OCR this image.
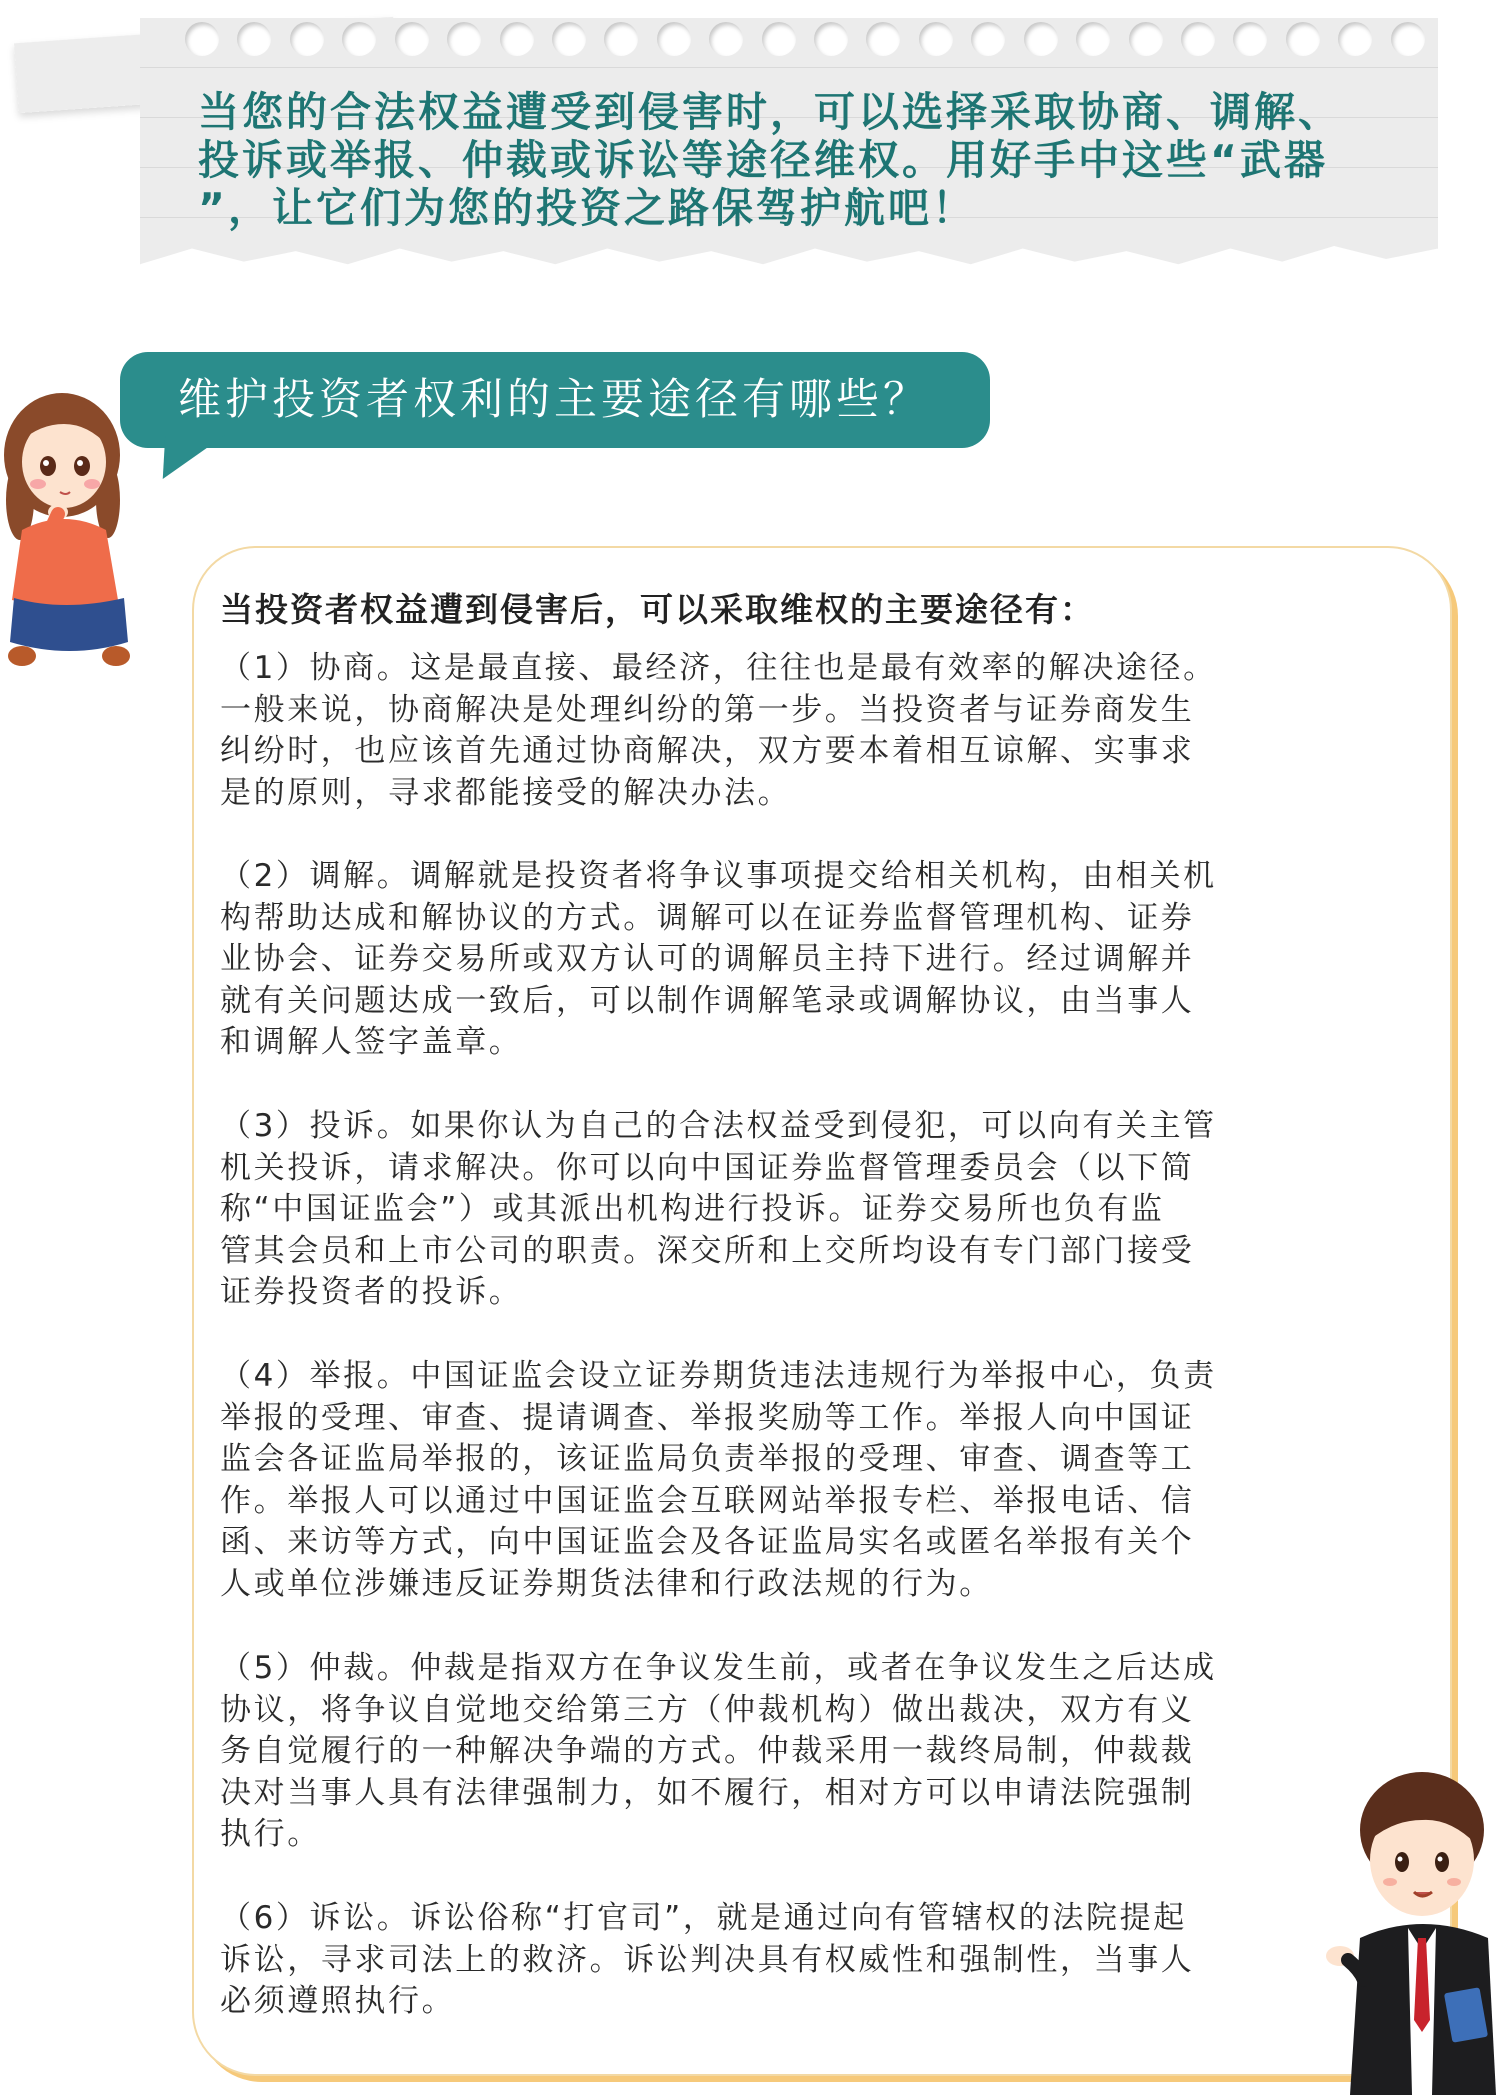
当您的合法权益遭受到侵害时，可以选择采取协商、调解、
投诉或举报、仲裁或诉讼等途径维权。用好手中这些“武器
”，让它们为您的投资之路保驾护航吧！
维护投资者权利的主要途径有哪些？
当投资者权益遭到侵害后，可以采取维权的主要途径有：
（1）协商。这是最直接、最经济，往往也是最有效率的解决途径。
一般来说，协商解决是处理纠纷的第一步。当投资者与证券商发生
纠纷时，也应该首先通过协商解决，双方要本着相互谅解、实事求
是的原则，寻求都能接受的解决办法。
（2）调解。调解就是投资者将争议事项提交给相关机构，由相关机
构帮助达成和解协议的方式。调解可以在证券监督管理机构、证券
业协会、证券交易所或双方认可的调解员主持下进行。经过调解并
就有关问题达成一致后，可以制作调解笔录或调解协议，由当事人
和调解人签字盖章。
（3）投诉。如果你认为自己的合法权益受到侵犯，可以向有关主管
机关投诉，请求解决。你可以向中国证券监督管理委员会（以下简
称“中国证监会”）或其派出机构进行投诉。证券交易所也负有监
管其会员和上市公司的职责。深交所和上交所均设有专门部门接受
证券投资者的投诉。
（4）举报。中国证监会设立证券期货违法违规行为举报中心，负责
举报的受理、审查、提请调查、举报奖励等工作。举报人向中国证
监会各证监局举报的，该证监局负责举报的受理、审查、调查等工
作。举报人可以通过中国证监会互联网站举报专栏、举报电话、信
函、来访等方式，向中国证监会及各证监局实名或匿名举报有关个
人或单位涉嫌违反证券期货法律和行政法规的行为。
（5）仲裁。仲裁是指双方在争议发生前，或者在争议发生之后达成
协议，将争议自觉地交给第三方（仲裁机构）做出裁决，双方有义
务自觉履行的一种解决争端的方式。仲裁采用一裁终局制，仲裁裁
决对当事人具有法律强制力，如不履行，相对方可以申请法院强制
执行。
（6）诉讼。诉讼俗称“打官司”，就是通过向有管辖权的法院提起
诉讼，寻求司法上的救济。诉讼判决具有权威性和强制性，当事人
必须遵照执行。
